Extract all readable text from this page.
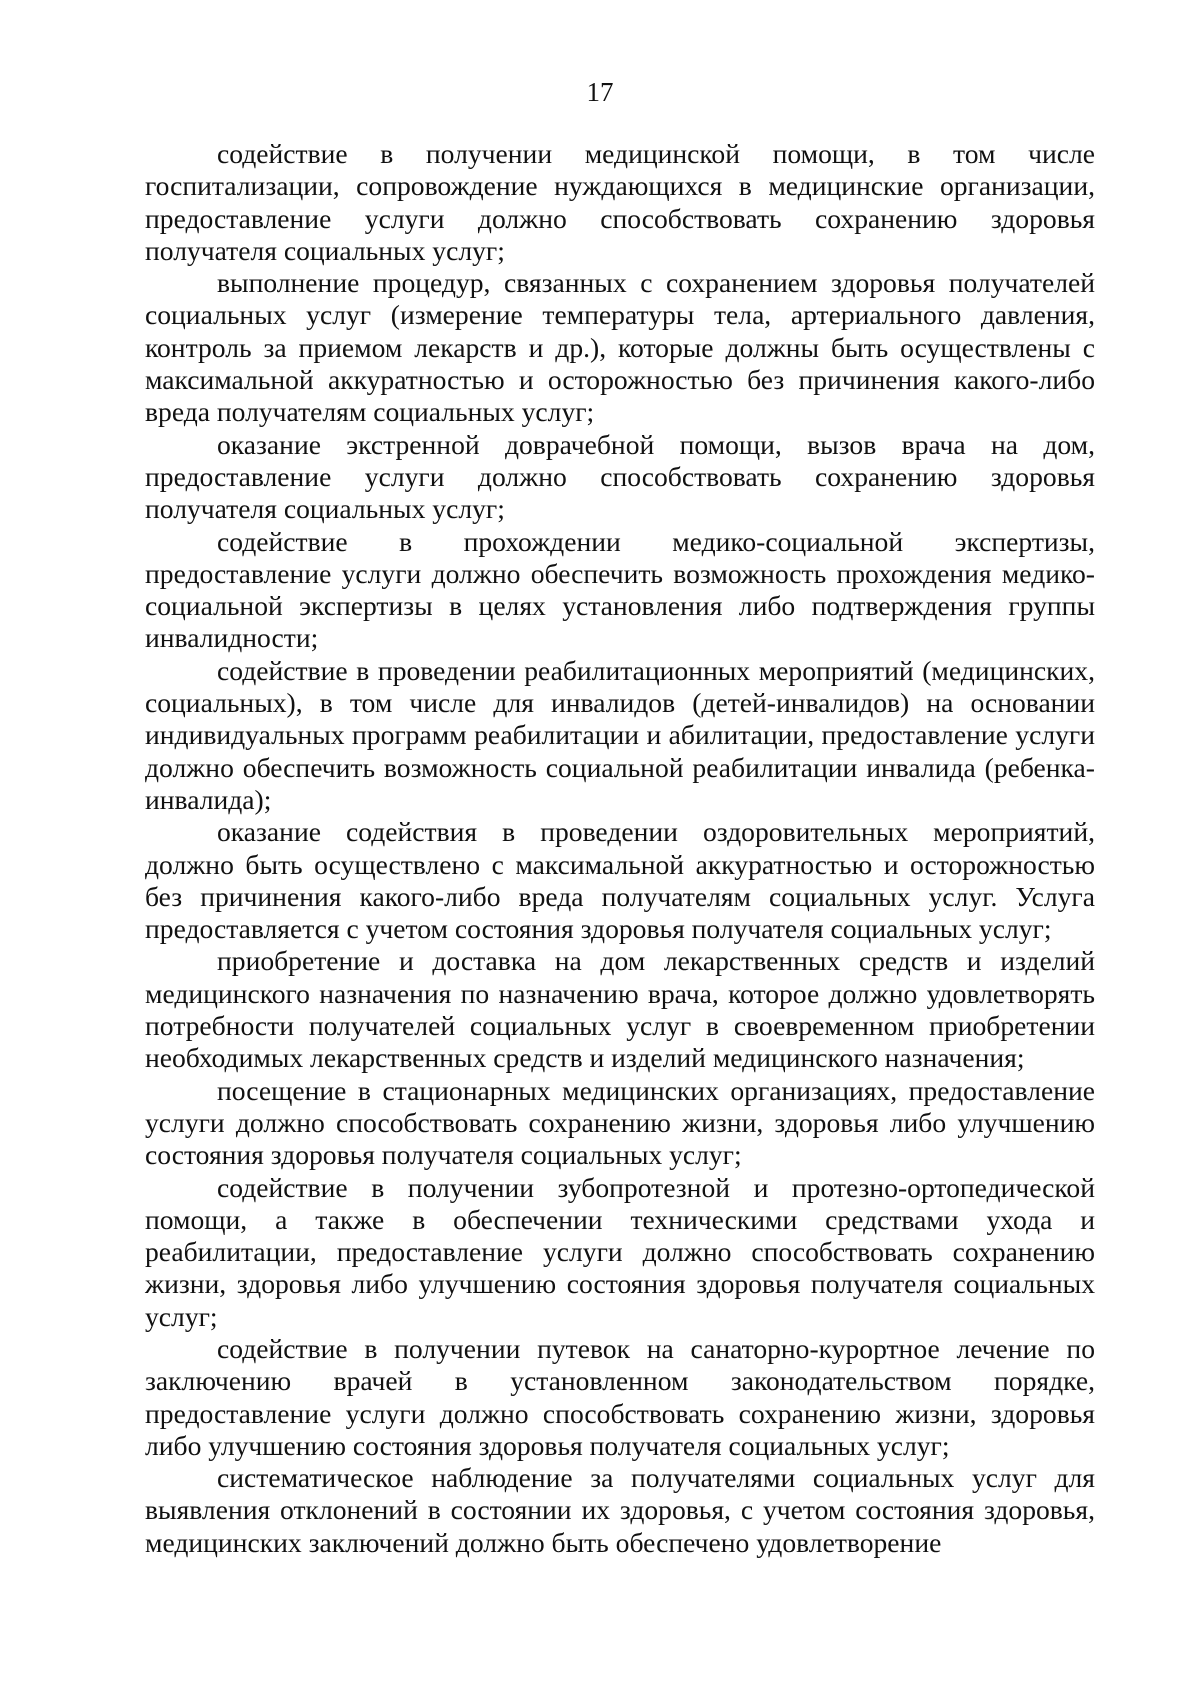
17

содействие в получении медицинской помощи, в том числе госпитализации, сопровождение нуждающихся в медицинские организации, предоставление услуги должно способствовать сохранению здоровья получателя социальных услуг;

выполнение процедур, связанных с сохранением здоровья получателей социальных услуг (измерение температуры тела, артериального давления, контроль за приемом лекарств и др.), которые должны быть осуществлены с максимальной аккуратностью и осторожностью без причинения какого-либо вреда получателям социальных услуг;

оказание экстренной доврачебной помощи, вызов врача на дом, предоставление услуги должно способствовать сохранению здоровья получателя социальных услуг;

содействие в прохождении медико-социальной экспертизы, предоставление услуги должно обеспечить возможность прохождения медико-социальной экспертизы в целях установления либо подтверждения группы инвалидности;

содействие в проведении реабилитационных мероприятий (медицинских, социальных), в том числе для инвалидов (детей-инвалидов) на основании индивидуальных программ реабилитации и абилитации, предоставление услуги должно обеспечить возможность социальной реабилитации инвалида (ребенка-инвалида);

оказание содействия в проведении оздоровительных мероприятий, должно быть осуществлено с максимальной аккуратностью и осторожностью без причинения какого-либо вреда получателям социальных услуг. Услуга предоставляется с учетом состояния здоровья получателя социальных услуг;

приобретение и доставка на дом лекарственных средств и изделий медицинского назначения по назначению врача, которое должно удовлетворять потребности получателей социальных услуг в своевременном приобретении необходимых лекарственных средств и изделий медицинского назначения;

посещение в стационарных медицинских организациях, предоставление услуги должно способствовать сохранению жизни, здоровья либо улучшению состояния здоровья получателя социальных услуг;

содействие в получении зубопротезной и протезно-ортопедической помощи, а также в обеспечении техническими средствами ухода и реабилитации, предоставление услуги должно способствовать сохранению жизни, здоровья либо улучшению состояния здоровья получателя социальных услуг;

содействие в получении путевок на санаторно-курортное лечение по заключению врачей в установленном законодательством порядке, предоставление услуги должно способствовать сохранению жизни, здоровья либо улучшению состояния здоровья получателя социальных услуг;

систематическое наблюдение за получателями социальных услуг для выявления отклонений в состоянии их здоровья, с учетом состояния здоровья, медицинских заключений должно быть обеспечено удовлетворение
